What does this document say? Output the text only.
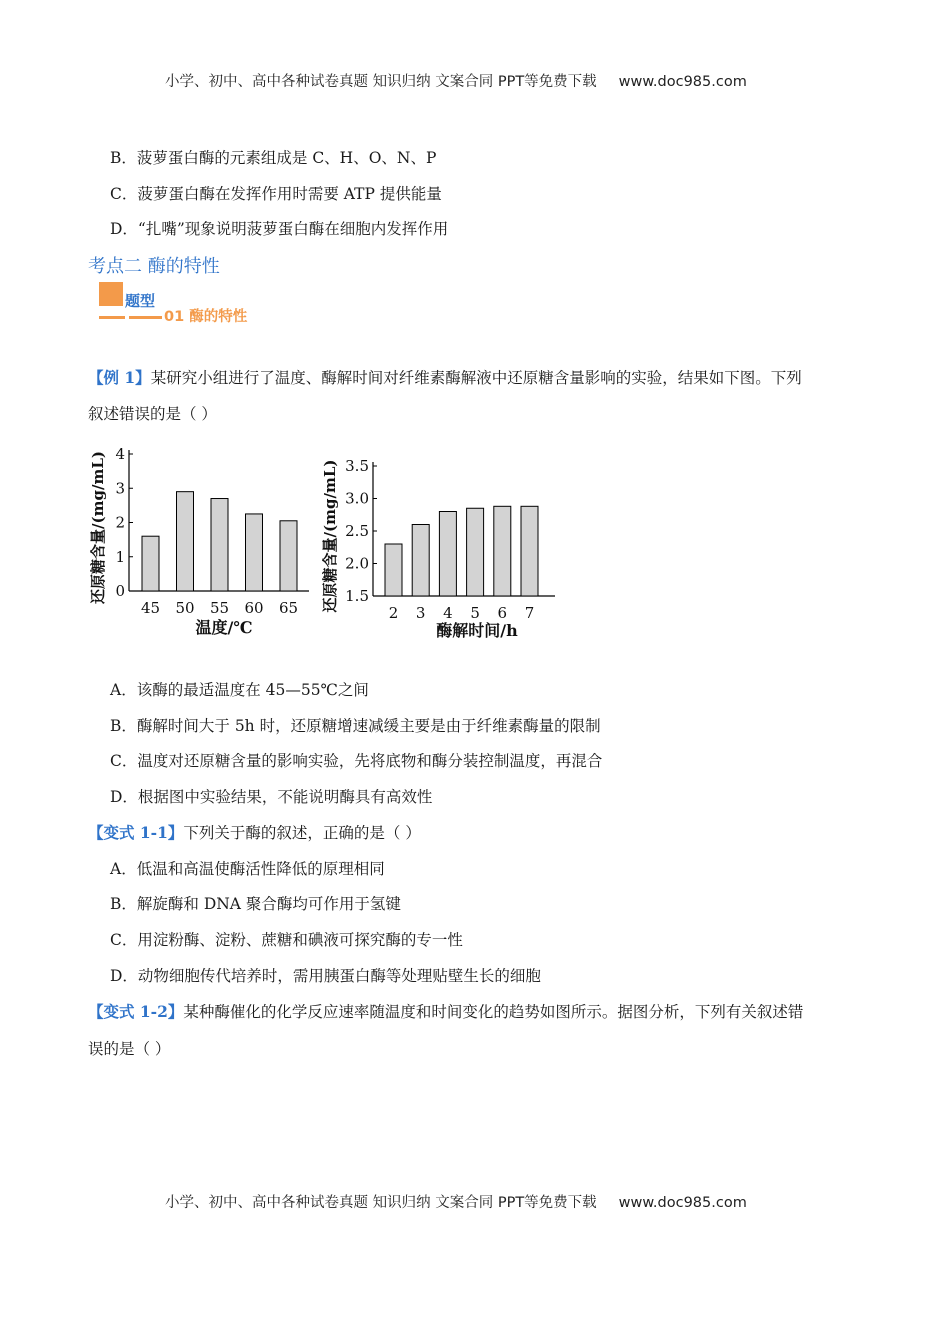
小学、初中、高中各种试卷真题 知识归纳 文案合同 PPT等免费下载 www.doc985.com
B．菠萝蛋白酶的元素组成是 C、H、O、N、P
C．菠萝蛋白酶在发挥作用时需要 ATP 提供能量
D．“扎嘴”现象说明菠萝蛋白酶在细胞内发挥作用
考点二 酶的特性
题型
01 酶的特性
【例 1】某研究小组进行了温度、酶解时间对纤维素酶解液中还原糖含量影响的实验，结果如下图。下列
叙述错误的是（ ）
0
1
2
3
4
45 50 55 60 65
温度/℃
还原糖含量/(mg/mL)	1.5
2.0
2.5
3.0
3.5
2 3 4 5 6 7
酶解时间/h
还原糖含量/(mg/mL)
A．该酶的最适温度在 45—55℃之间
B．酶解时间大于 5h 时，还原糖增速减缓主要是由于纤维素酶量的限制
C．温度对还原糖含量的影响实验，先将底物和酶分装控制温度，再混合
D．根据图中实验结果，不能说明酶具有高效性
【变式 1-1】下列关于酶的叙述，正确的是（ ）
A．低温和高温使酶活性降低的原理相同
B．解旋酶和 DNA 聚合酶均可作用于氢键
C．用淀粉酶、淀粉、蔗糖和碘液可探究酶的专一性
D．动物细胞传代培养时，需用胰蛋白酶等处理贴壁生长的细胞
【变式 1-2】某种酶催化的化学反应速率随温度和时间变化的趋势如图所示。据图分析，下列有关叙述错
误的是（ ）
小学、初中、高中各种试卷真题 知识归纳 文案合同 PPT等免费下载 www.doc985.com
